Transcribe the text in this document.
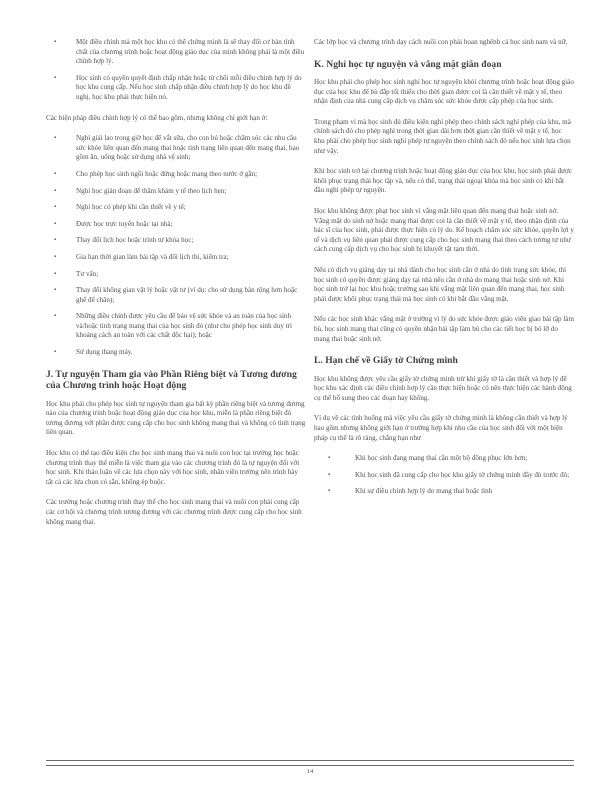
▪	Một điều chỉnh mà một học khu có thể chứng minh là sẽ thay đổi cơ bản tính chất của chương trình hoặc hoạt động giáo dục của mình không phải là một điều chỉnh hợp lý.
▪	Học sinh có quyền quyết định chấp nhận hoặc từ chối mỗi điều chỉnh hợp lý do học khu cung cấp. Nếu học sinh chấp nhận điều chỉnh hợp lý do học khu đề nghị, học khu phải thực hiện nó.

Các biện pháp điều chỉnh hợp lý có thể bao gồm, nhưng không chỉ giới hạn ở:

▪	Nghỉ giải lao trong giờ học để vắt sữa, cho con bú hoặc chăm sóc các nhu cầu sức khỏe liên quan đến mang thai hoặc tình trạng liên quan đến mang thai, bao gồm ăn, uống hoặc sử dụng nhà vệ sinh;
▪	Cho phép học sinh ngồi hoặc đứng hoặc mang theo nước ở gần;
▪	Nghỉ học gián đoạn để thăm khám y tế theo lịch hẹn;
▪	Nghỉ học có phép khi cần thiết về y tế;
▪	Được học trực tuyến hoặc tại nhà;
▪	Thay đổi lịch học hoặc trình tự khóa học;
▪	Gia hạn thời gian làm bài tập và đổi lịch thi, kiểm tra;
▪	Tư vấn;
▪	Thay đổi không gian vật lý hoặc vật tư (ví dụ: cho sử dụng bàn rộng hơn hoặc ghế để chân);
▪	Những điều chỉnh được yêu cầu để bảo vệ sức khỏe và an toàn của học sinh và/hoặc tình trạng mang thai của học sinh đó (như cho phép học sinh duy trì khoảng cách an toàn với các chất độc hại); hoặc
▪	Sử dụng thang máy.
J. Tự nguyện Tham gia vào Phần Riêng biệt và Tương đương của Chương trình hoặc Hoạt động

Học khu phải cho phép học sinh tự nguyện tham gia bất kỳ phần riêng biệt và tương đương nào của chương trình hoặc hoạt động giáo dục của học khu, miễn là phần riêng biệt đó tương đương với phần được cung cấp cho học sinh không mang thai và không có tình trạng liên quan.

Học khu có thể tạo điều kiện cho học sinh mang thai và nuôi con học tại trường học hoặc chương trình thay thế miễn là việc tham gia vào các chương trình đó là tự nguyện đối với học sinh. Khi thảo luận về các lựa chọn này với học sinh, nhân viên trường nên trình bày tất cả các lựa chọn có sẵn, không ép buộc.

Các trường hoặc chương trình thay thế cho học sinh mang thai và nuôi con phải cung cấp các cơ hội và chương trình tương đương với các chương trình được cung cấp cho học sinh không mang thai.

Các lớp học và chương trình dạy cách nuôi con phải hoan nghênh cả học sinh nam và nữ.

K. Nghỉ học tự nguyện và vắng mặt giãn đoạn

Học khu phải cho phép học sinh nghỉ học tự nguyện khỏi chương trình hoặc hoạt động giáo dục của học khu để bù đắp tối thiểu cho thời gian được coi là cần thiết về mặt y tế, theo nhận định của nhà cung cấp dịch vụ chăm sóc sức khỏe được cấp phép của học sinh.

Trong phạm vi mà học sinh đủ điều kiện nghỉ phép theo chính sách nghỉ phép của khu, mà chính sách đó cho phép nghỉ trong thời gian dài hơn thời gian cần thiết về mặt y tế, học khu phải cho phép học sinh nghỉ phép tự nguyện theo chính sách đó nếu học sinh lựa chọn như vậy.

Khi học sinh trở lại chương trình hoặc hoạt động giáo dục của học khu, học sinh phải được khôi phục trạng thái học tập và, nếu có thể, trạng thái ngoại khóa mà học sinh có khi bắt đầu nghỉ phép tự nguyện.

Học khu không được phạt học sinh vì vắng mặt liên quan đến mang thai hoặc sinh nở. Vắng mặt do sinh nở hoặc mang thai được coi là cần thiết về mặt y tế, theo nhận định của bác sĩ của học sinh, phải được thực hiện có lý do. Kế hoạch chăm sóc sức khỏe, quyền lợi y tế và dịch vụ liên quan phải được cung cấp cho học sinh mang thai theo cách tương tự như cách cung cấp dịch vụ cho học sinh bị khuyết tật tạm thời.

Nếu có dịch vụ giảng dạy tại nhà dành cho học sinh cần ở nhà do tình trạng sức khỏe, thì học sinh có quyền được giảng dạy tại nhà nếu cần ở nhà do mang thai hoặc sinh nở. Khi học sinh trở lại học khu hoặc trường sau khi vắng mặt liên quan đến mang thai, học sinh phải được khôi phục trạng thái mà học sinh có khi bắt đầu vắng mặt.

Nếu các học sinh khác vắng mặt ở trường vì lý do sức khỏe được giáo viên giao bài tập làm bù, học sinh mang thai cũng có quyền nhận bài tập làm bù cho các tiết học bị bỏ lỡ do mang thai hoặc sinh nở.

L. Hạn chế về Giấy tờ Chứng minh

Học khu không được yêu cầu giấy tờ chứng minh trừ khi giấy tờ là cần thiết và hợp lý để học khu xác định các điều chỉnh hợp lý cần thực hiện hoặc có nên thực hiện các hành động cụ thể bổ sung theo các đoạn hay không.

Ví dụ về các tình huống mà việc yêu cầu giấy tờ chứng minh là không cần thiết và hợp lý bao gồm nhưng không giới hạn ở trường hợp khi nhu cầu của học sinh đối với một biện pháp cụ thể là rõ ràng, chẳng hạn như

▪	Khi học sinh đang mang thai cần một bộ đồng phục lớn hơn;
▪	Khi học sinh đã cung cấp cho học khu giấy tờ chứng minh đầy đủ trước đó;
▪	Khi sự điều chỉnh hợp lý do mang thai hoặc tình
14
